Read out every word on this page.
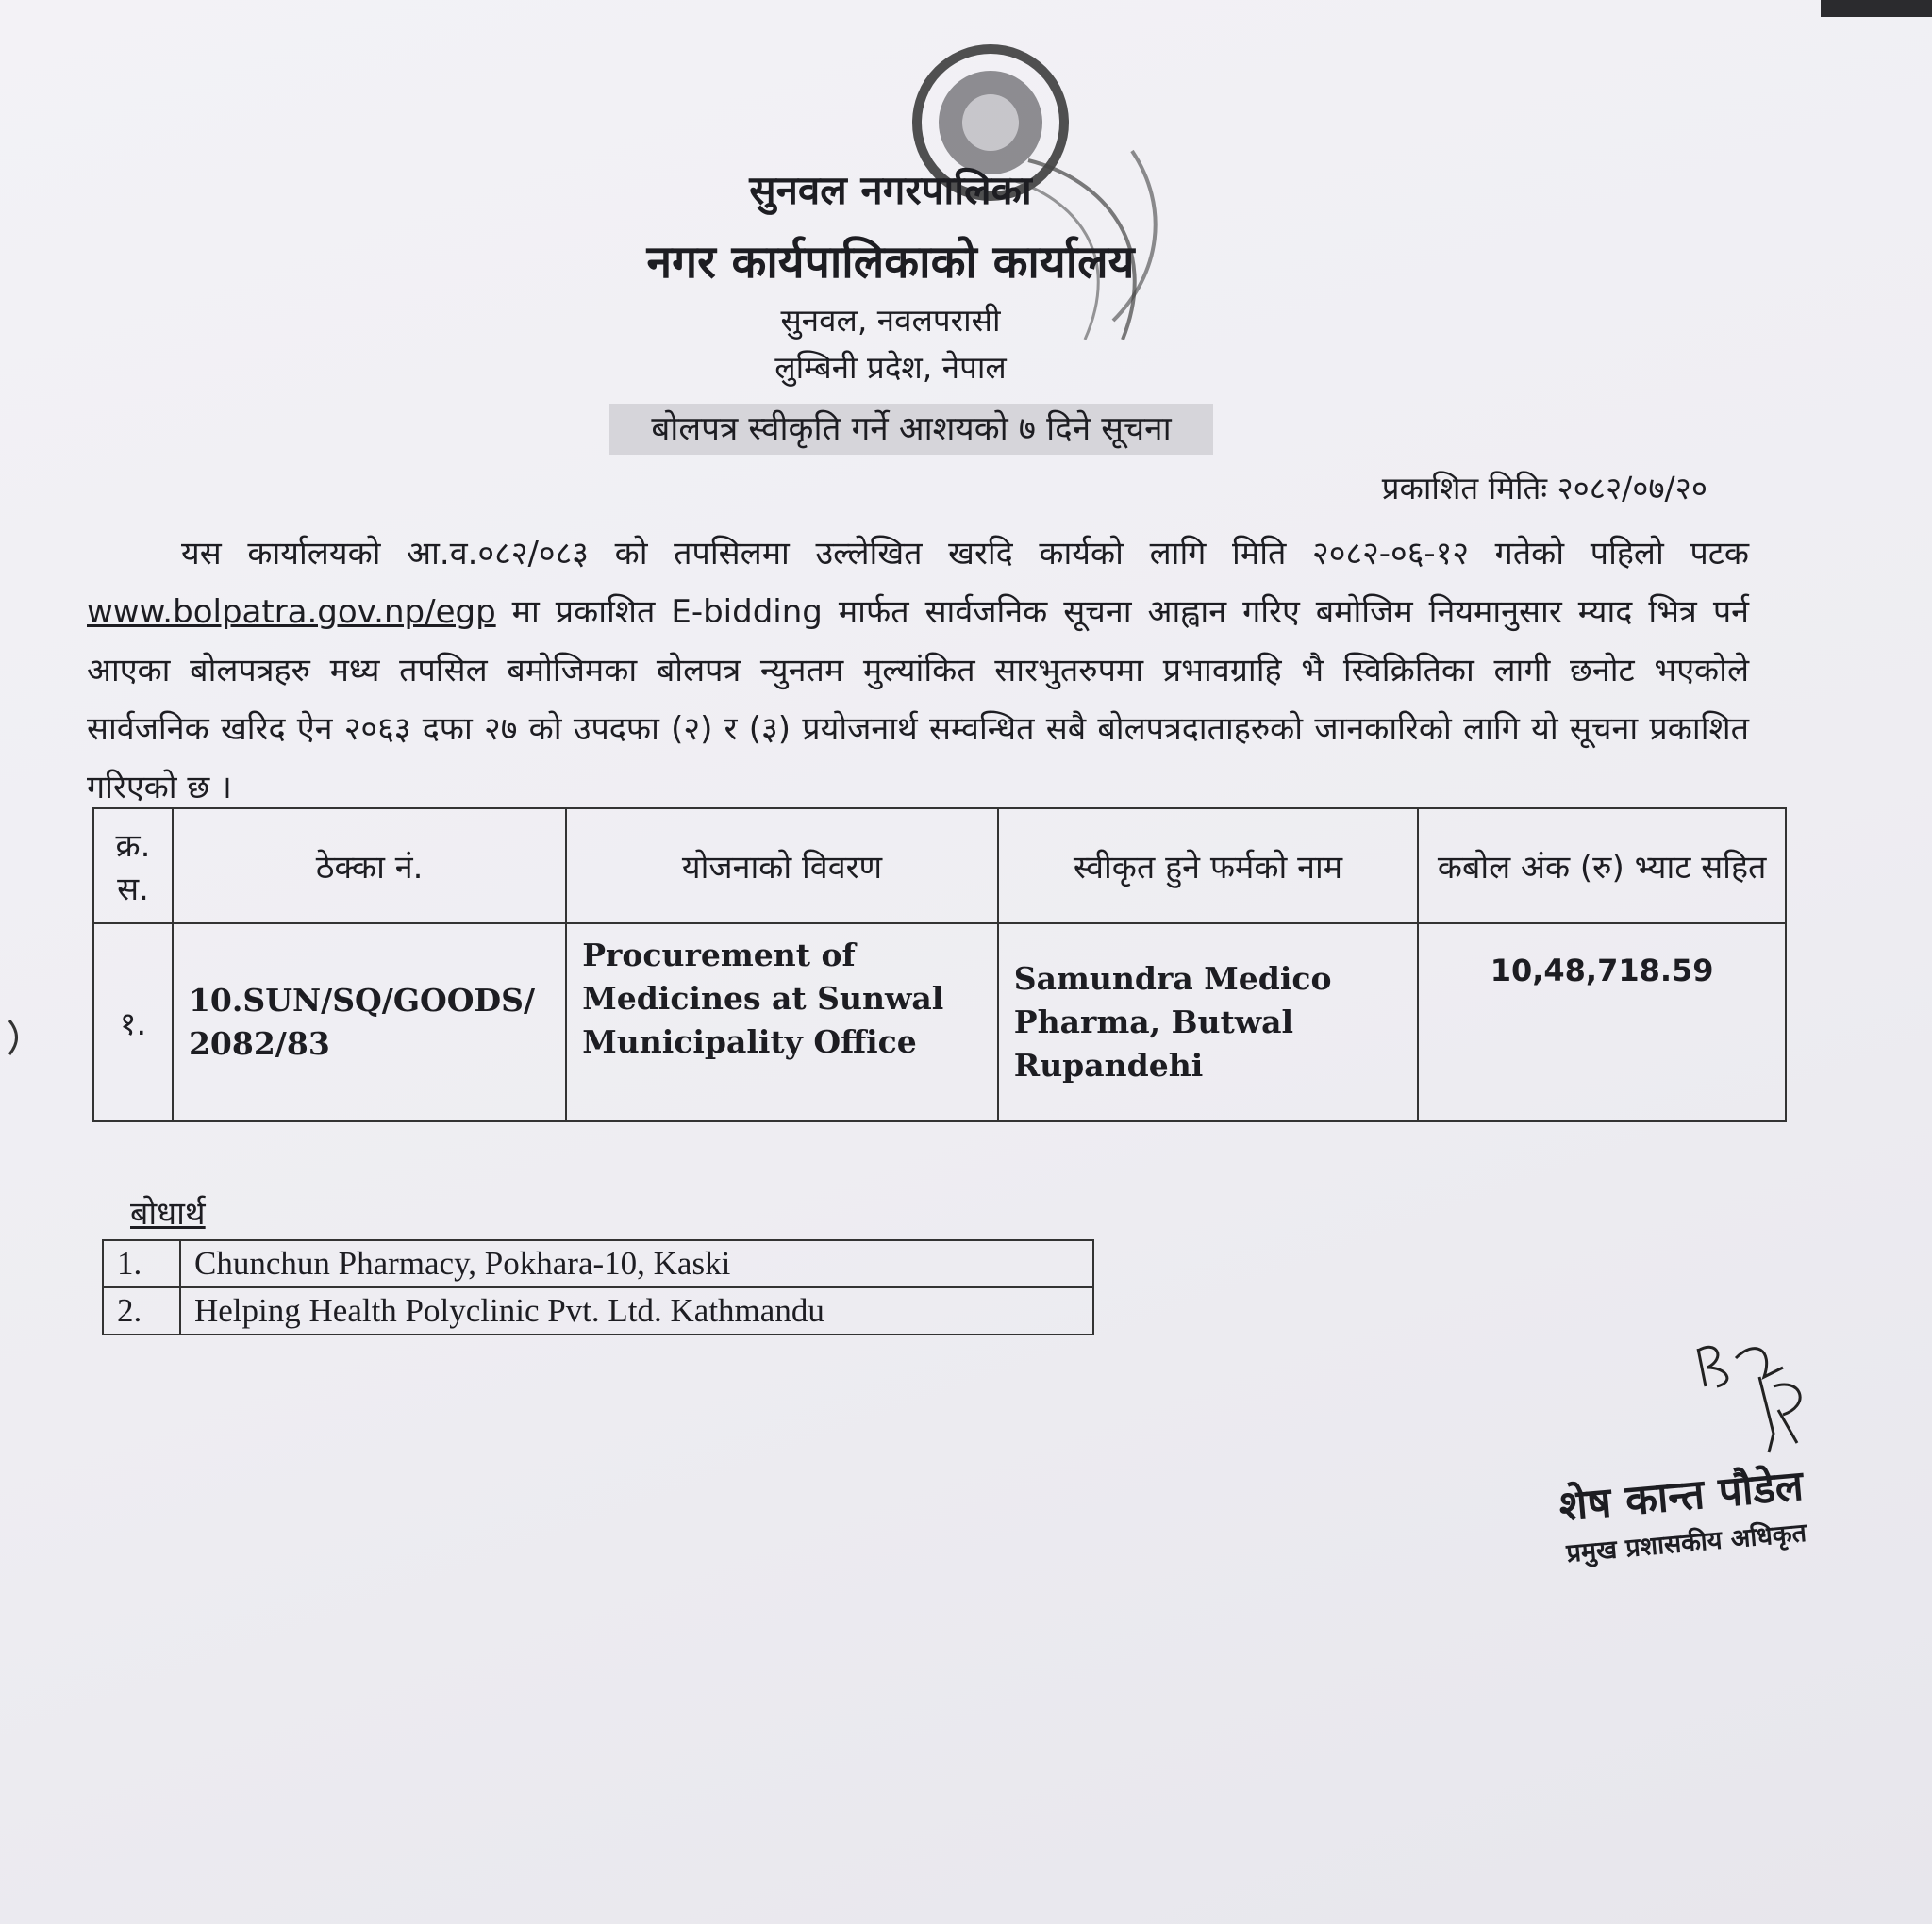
सुनवल नगरपालिका
नगर कार्यपालिकाको कार्यालय
सुनवल, नवलपरासी
लुम्बिनी प्रदेश, नेपाल
बोलपत्र स्वीकृति गर्ने आशयको ७ दिने सूचना
प्रकाशित मितिः २०८२/०७/२०
यस कार्यालयको आ.व.०८२/०८३ को तपसिलमा उल्लेखित खरदि कार्यको लागि मिति २०८२-०६-१२ गतेको पहिलो पटक www.bolpatra.gov.np/egp मा प्रकाशित E-bidding मार्फत सार्वजनिक सूचना आह्वान गरिए बमोजिम नियमानुसार म्याद भित्र पर्न आएका बोलपत्रहरु मध्य तपसिल बमोजिमका बोलपत्र न्युनतम मुल्यांकित सारभुतरुपमा प्रभावग्राहि भै स्विक्रितिका लागी छनोट भएकोले सार्वजनिक खरिद ऐन २०६३ दफा २७ को उपदफा (२) र (३) प्रयोजनार्थ सम्वन्धित सबै बोलपत्रदाताहरुको जानकारिको लागि यो सूचना प्रकाशित गरिएको छ ।
क्र. स.	ठेक्का नं.	योजनाको विवरण	स्वीकृत हुने फर्मको नाम	कबोल अंक (रु) भ्याट सहित
१.	10.SUN/SQ/GOODS/2082/83	Procurement of Medicines at Sunwal Municipality Office	Samundra Medico Pharma, Butwal Rupandehi	10,48,718.59
बोधार्थ
1.	Chunchun Pharmacy, Pokhara-10, Kaski
2.	Helping Health Polyclinic Pvt. Ltd. Kathmandu
शेष कान्त पौडेल
प्रमुख प्रशासकीय अधिकृत
